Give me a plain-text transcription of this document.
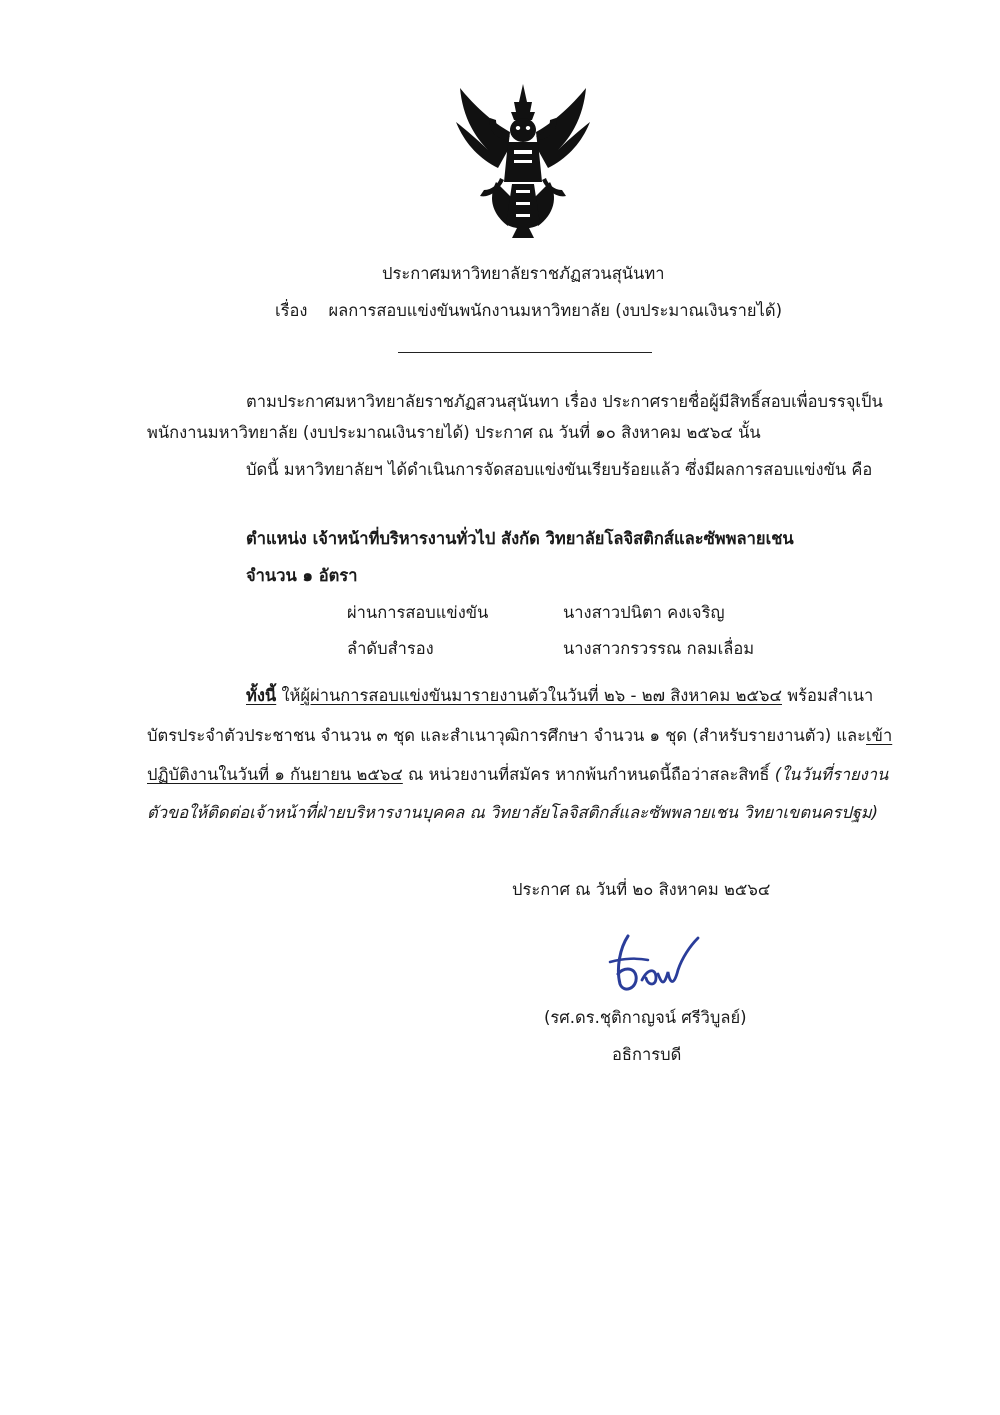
ประกาศมหาวิทยาลัยราชภัฏสวนสุนันทา
เรื่อง ผลการสอบแข่งขันพนักงานมหาวิทยาลัย (งบประมาณเงินรายได้)
ตามประกาศมหาวิทยาลัยราชภัฏสวนสุนันทา เรื่อง ประกาศรายชื่อผู้มีสิทธิ์สอบเพื่อบรรจุเป็น
พนักงานมหาวิทยาลัย (งบประมาณเงินรายได้) ประกาศ ณ วันที่ ๑๐ สิงหาคม ๒๕๖๔ นั้น
บัดนี้ มหาวิทยาลัยฯ ได้ดำเนินการจัดสอบแข่งขันเรียบร้อยแล้ว ซึ่งมีผลการสอบแข่งขัน คือ
ตำแหน่ง เจ้าหน้าที่บริหารงานทั่วไป สังกัด วิทยาลัยโลจิสติกส์และซัพพลายเชน
จำนวน ๑ อัตรา
ผ่านการสอบแข่งขัน	นางสาวปนิตา คงเจริญ
ลำดับสำรอง	นางสาวกรวรรณ กลมเลื่อม
ทั้งนี้ ให้ผู้ผ่านการสอบแข่งขันมารายงานตัวในวันที่ ๒๖ - ๒๗ สิงหาคม ๒๕๖๔ พร้อมสำเนา
บัตรประจำตัวประชาชน จำนวน ๓ ชุด และสำเนาวุฒิการศึกษา จำนวน ๑ ชุด (สำหรับรายงานตัว) และเข้า
ปฏิบัติงานในวันที่ ๑ กันยายน ๒๕๖๔ ณ หน่วยงานที่สมัคร หากพ้นกำหนดนี้ถือว่าสละสิทธิ์ (ในวันที่รายงาน
ตัวขอให้ติดต่อเจ้าหน้าที่ฝ่ายบริหารงานบุคคล ณ วิทยาลัยโลจิสติกส์และซัพพลายเชน วิทยาเขตนครปฐม)
ประกาศ ณ วันที่ ๒๐ สิงหาคม ๒๕๖๔
(รศ.ดร.ชุติกาญจน์ ศรีวิบูลย์)
อธิการบดี
